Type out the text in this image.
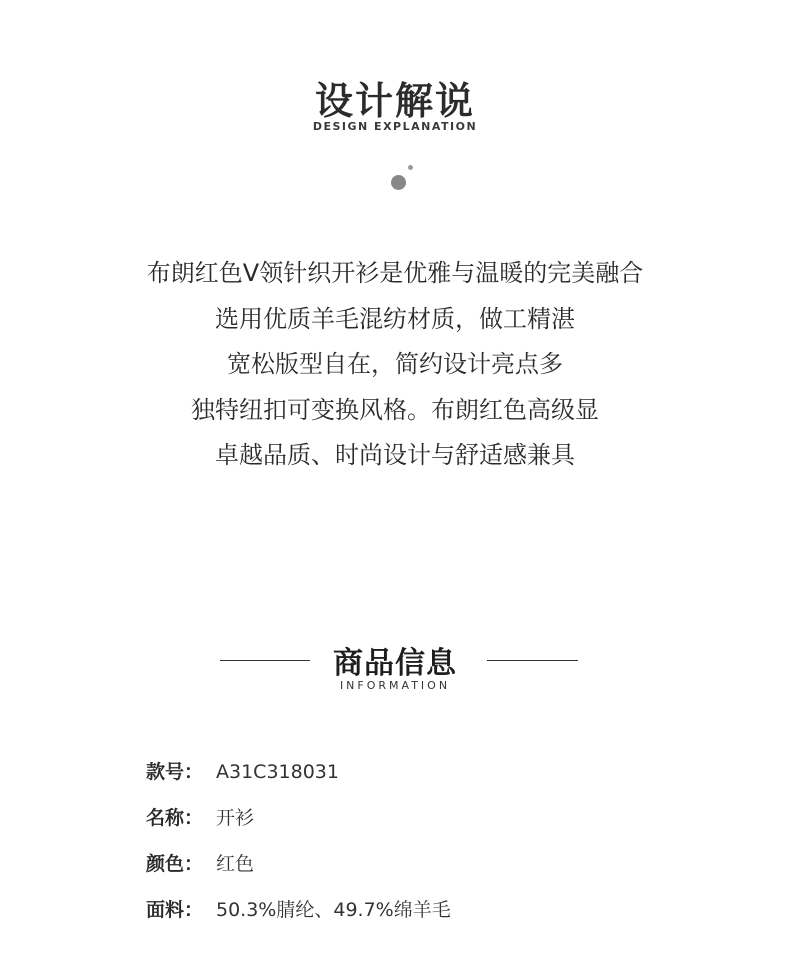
设计解说
DESIGN EXPLANATION
布朗红色V领针织开衫是优雅与温暖的完美融合
选用优质羊毛混纺材质，做工精湛
宽松版型自在，简约设计亮点多
独特纽扣可变换风格。布朗红色高级显
卓越品质、时尚设计与舒适感兼具
商品信息
INFORMATION
款号： A31C318031
名称： 开衫
颜色： 红色
面料： 50.3%腈纶、49.7%绵羊毛
